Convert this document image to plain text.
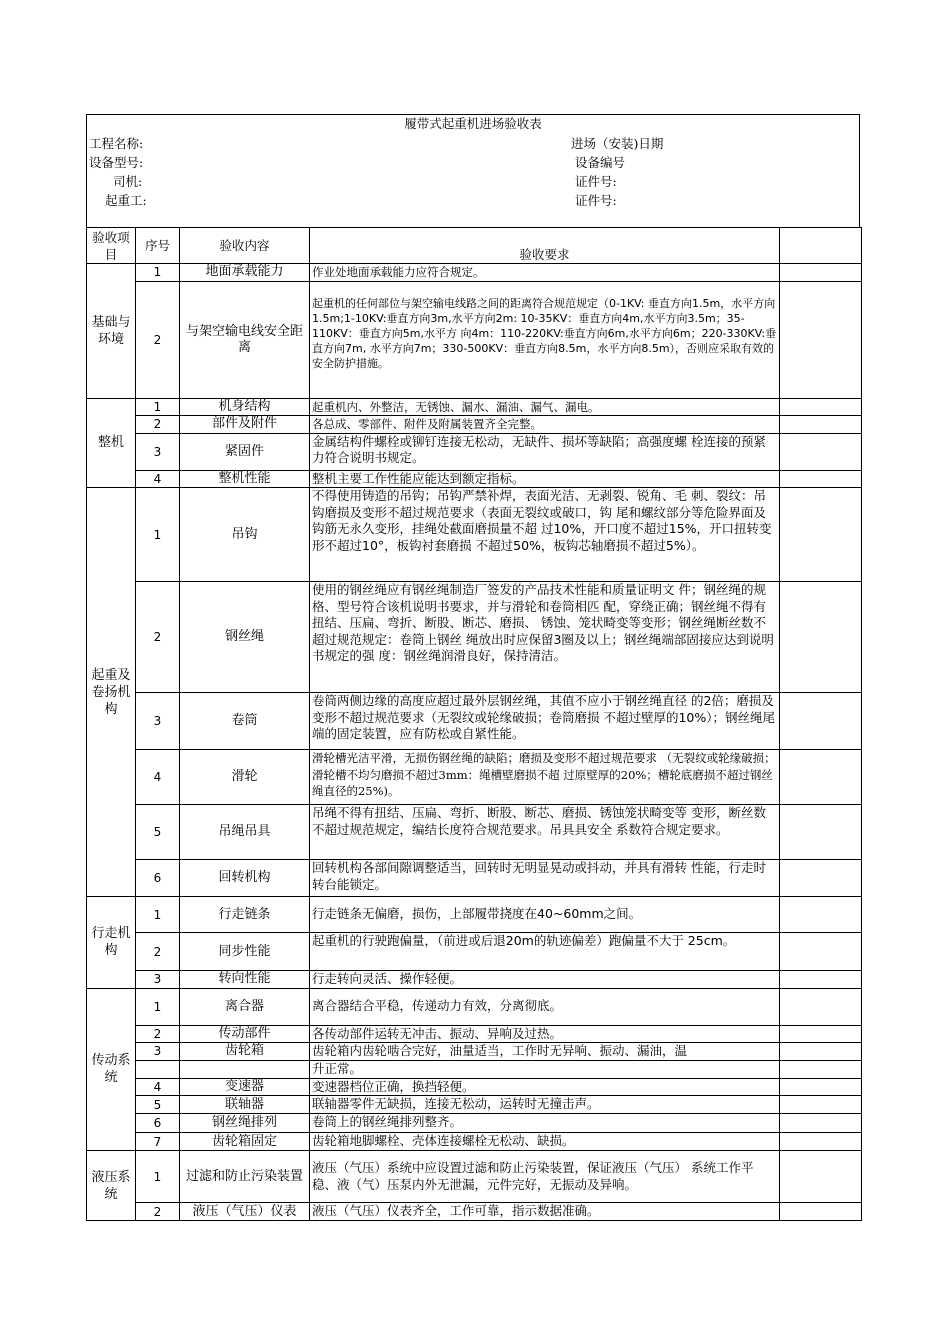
履带式起重机进场验收表
工程名称:	进场（安装)日期
设备型号:	设备编号
司机:	证件号:
起重工:	证件号:
验收项目	序号	验收内容	验收要求	
基础与环境	1	地面承载能力	作业处地面承载能力应符合规定。	
	2	与架空输电线安全距离	起重机的任何部位与架空输电线路之间的距离符合规范规定（0-1KV: 垂直方向1.5m，水平方向1.5m;1-10KV:垂直方向3m,水平方向2m: 10-35KV：垂直方向4m,水平方向3.5m；35-110KV：垂直方向5m,水平方 向4m：110-220KV:垂直方向6m,水平方向6m；220-330KV:垂直方向7m, 水平方向7m；330-500KV：垂直方向8.5m，水平方向8.5m），否则应采取有效的安全防护措施。	
整机	1	机身结构	起重机内、外整洁，无锈蚀、漏水、漏油、漏气、漏电。	
	2	部件及附件	各总成、零部件、附件及附属装置齐全完整。	
	3	紧固件	金属结构件螺栓或铆钉连接无松动，无缺件、损坏等缺陷；高强度螺 栓连接的预紧力符合说明书规定。	
	4	整机性能	整机主要工作性能应能达到额定指标。	
起重及卷扬机构	1	吊钩	不得使用铸造的吊钩；吊钩严禁补焊，表面光洁、无剥裂、锐角、毛 刺、裂纹：吊钩磨损及变形不超过规范要求（表面无裂纹或破口，钩 尾和螺纹部分等危险界面及钩筋无永久变形，挂绳处截面磨损量不超 过10%，开口度不超过15%，开口扭转变形不超过10°，板钩衬套磨损 不超过50%，板钩芯轴磨损不超过5%）。	
	2	钢丝绳	使用的钢丝绳应有钢丝绳制造厂签发的产品技术性能和质量证明文 件；钢丝绳的规格、型号符合该机说明书要求，并与滑轮和卷筒相匹 配，穿绕正确；钢丝绳不得有扭结、压扁、弯折、断股、断芯、磨损、 锈蚀、笼状畸变等变形；钢丝绳断丝数不超过规范规定：卷筒上钢丝 绳放出时应保留3圈及以上；钢丝绳端部固接应达到说明书规定的强 度：钢丝绳润滑良好，保持清洁。	
	3	卷筒	卷筒两侧边缘的高度应超过最外层钢丝绳，其值不应小于钢丝绳直径 的2倍；磨损及变形不超过规范要求（无裂纹或轮缘破损；卷筒磨损 不超过壁厚的10%）；钢丝绳尾端的固定装置，应有防松或自紧性能。	
	4	滑轮	滑轮槽光洁平滑，无损伤钢丝绳的缺陷；磨损及变形不超过规范要求 （无裂纹或轮缘破损；滑轮槽不均匀磨损不超过3mm：绳槽壁磨损不超 过原壁厚的20%；槽轮底磨损不超过钢丝绳直径的25%)。	
	5	吊绳吊具	吊绳不得有扭结、压扁、弯折、断股、断芯、磨损、锈蚀笼状畸变等 变形，断丝数不超过规范规定，编结长度符合规范要求。吊具具安全 系数符合规定要求。	
	6	回转机构	回转机构各部间隙调整适当，回转时无明显晃动或抖动，并具有滑转 性能，行走时转台能锁定。	
行走机构	1	行走链条	行走链条无偏磨，损伤，上部履带挠度在40~60mm之间。	
	2	同步性能	起重机的行驶跑偏量，（前进或后退20m的轨迹偏差）跑偏量不大于 25cm。	
	3	转向性能	行走转向灵活、操作轻便。	
传动系统	1	离合器	离合器结合平稳，传递动力有效，分离彻底。	
	2	传动部件	各传动部件运转无冲击、振动、异响及过热。	
	3	齿轮箱	齿轮箱内齿轮啮合完好，油量适当，工作时无异响、振动、漏油，温	
			升正常。	
	4	变速器	变速器档位正确，换挡轻便。	
	5	联轴器	联轴器零件无缺损，连接无松动，运转时无撞击声。	
	6	钢丝绳排列	卷筒上的钢丝绳排列整齐。	
	7	齿轮箱固定	齿轮箱地脚螺栓、壳体连接螺栓无松动、缺损。	
液压系统	1	过滤和防止污染装置	液压（气压）系统中应设置过滤和防止污染装置，保证液压（气压） 系统工作平稳、液（气）压泵内外无泄漏，元件完好，无振动及异响。	
	2	液压（气压）仪表	液压（气压）仪表齐全，工作可靠，指示数据准确。	
